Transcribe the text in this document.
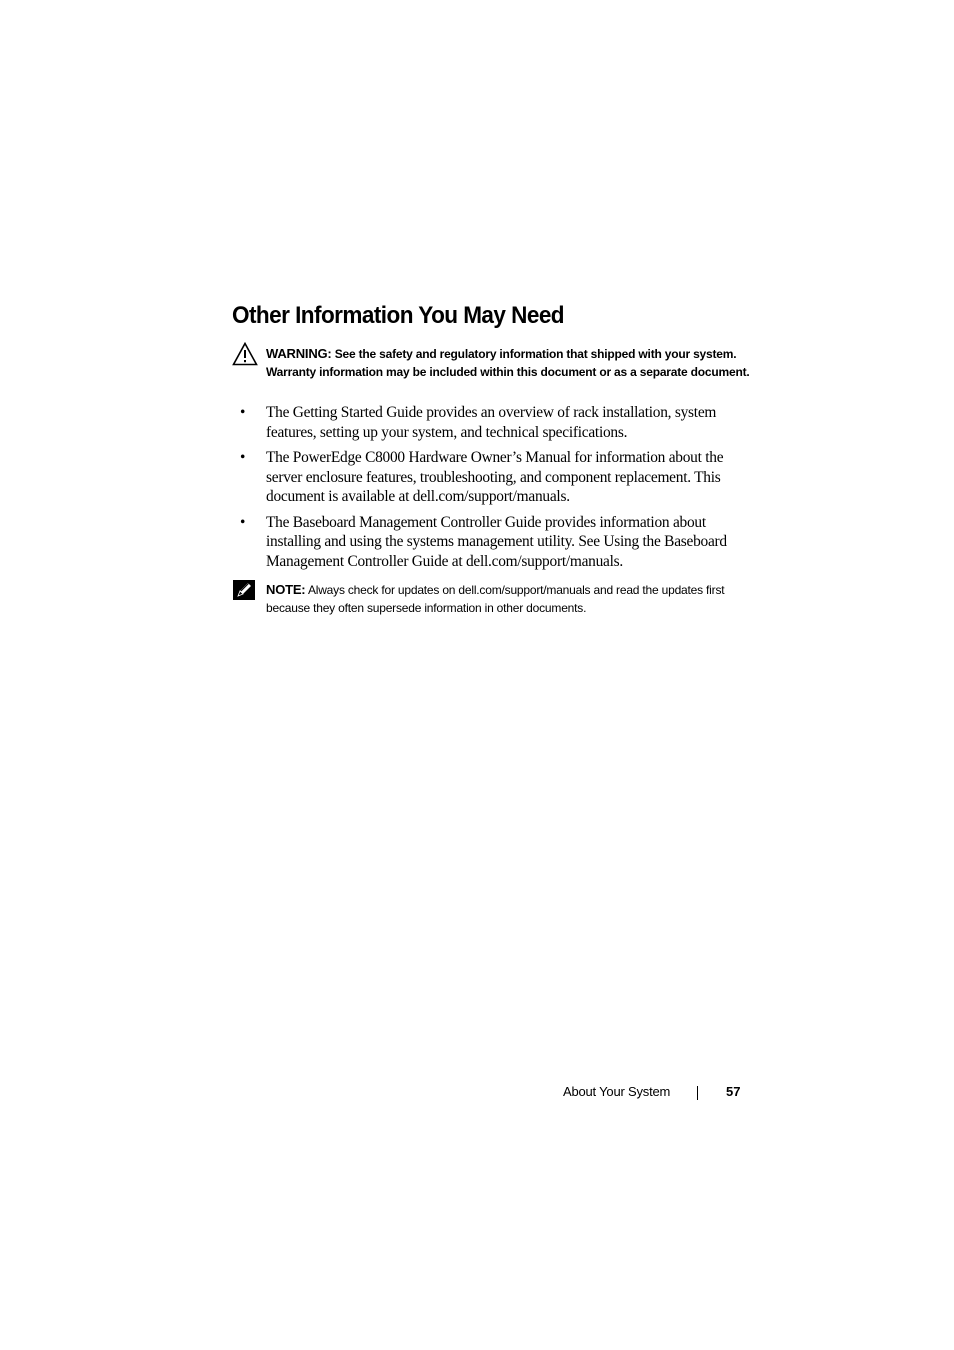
Other Information You May Need
WARNING: See the safety and regulatory information that shipped with your system. Warranty information may be included within this document or as a separate document.
• The Getting Started Guide provides an overview of rack installation, system features, setting up your system, and technical specifications.
• The PowerEdge C8000 Hardware Owner’s Manual for information about the server enclosure features, troubleshooting, and component replacement. This document is available at dell.com/support/manuals.
• The Baseboard Management Controller Guide provides information about installing and using the systems management utility. See Using the Baseboard Management Controller Guide at dell.com/support/manuals.
NOTE: Always check for updates on dell.com/support/manuals and read the updates first because they often supersede information in other documents.
About Your System	57
